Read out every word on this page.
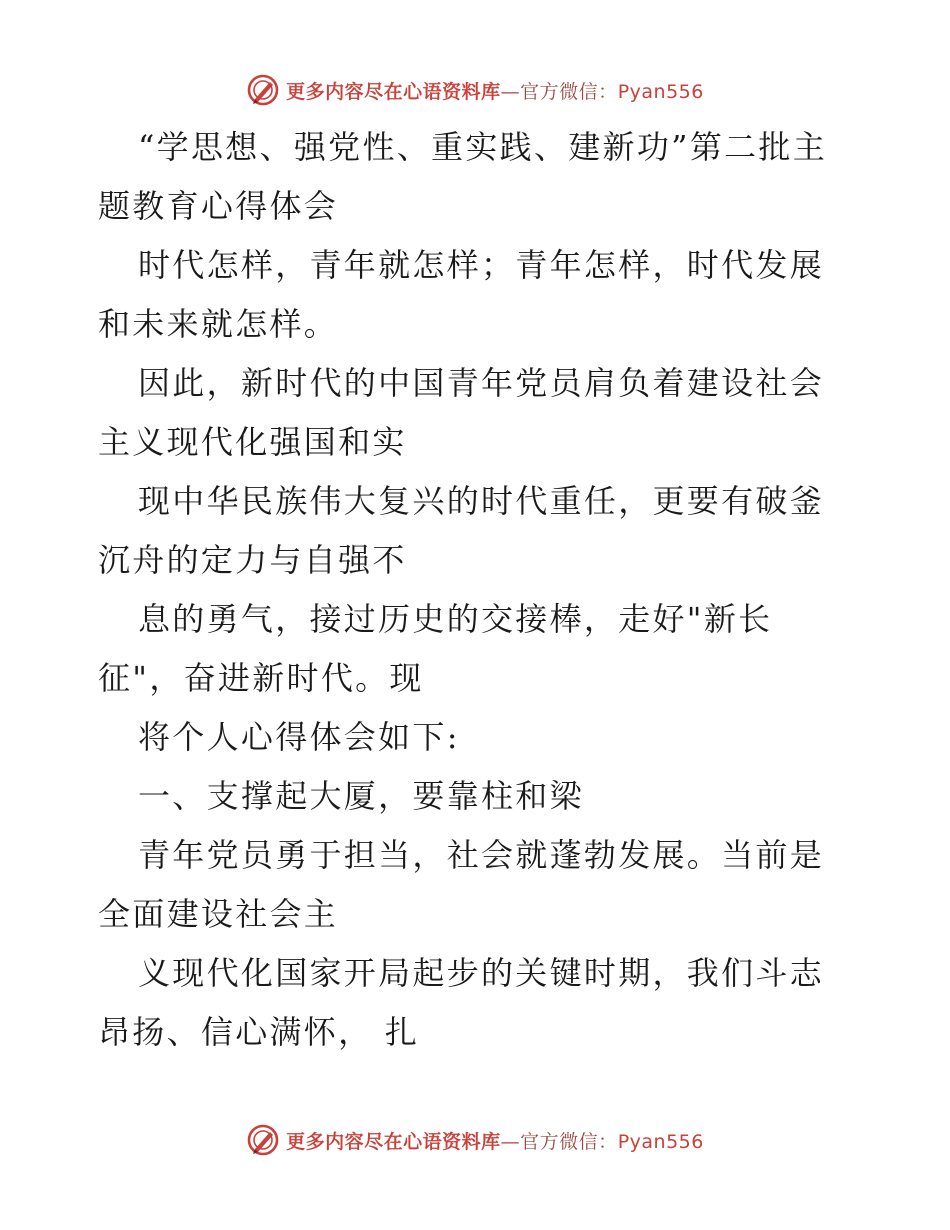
更多内容尽在心语资料库—官方微信：Pyan556

“学思想、强党性、重实践、建新功”第二批主题教育心得体会

时代怎样，青年就怎样；青年怎样，时代发展和未来就怎样。

因此，新时代的中国青年党员肩负着建设社会主义现代化强国和实

现中华民族伟大复兴的时代重任，更要有破釜沉舟的定力与自强不

息的勇气，接过历史的交接棒，走好"新长征"，奋进新时代。现

将个人心得体会如下:

一、支撑起大厦，要靠柱和梁

青年党员勇于担当，社会就蓬勃发展。当前是全面建设社会主

义现代化国家开局起步的关键时期，我们斗志昂扬、信心满怀， 扎

更多内容尽在心语资料库—官方微信：Pyan556
